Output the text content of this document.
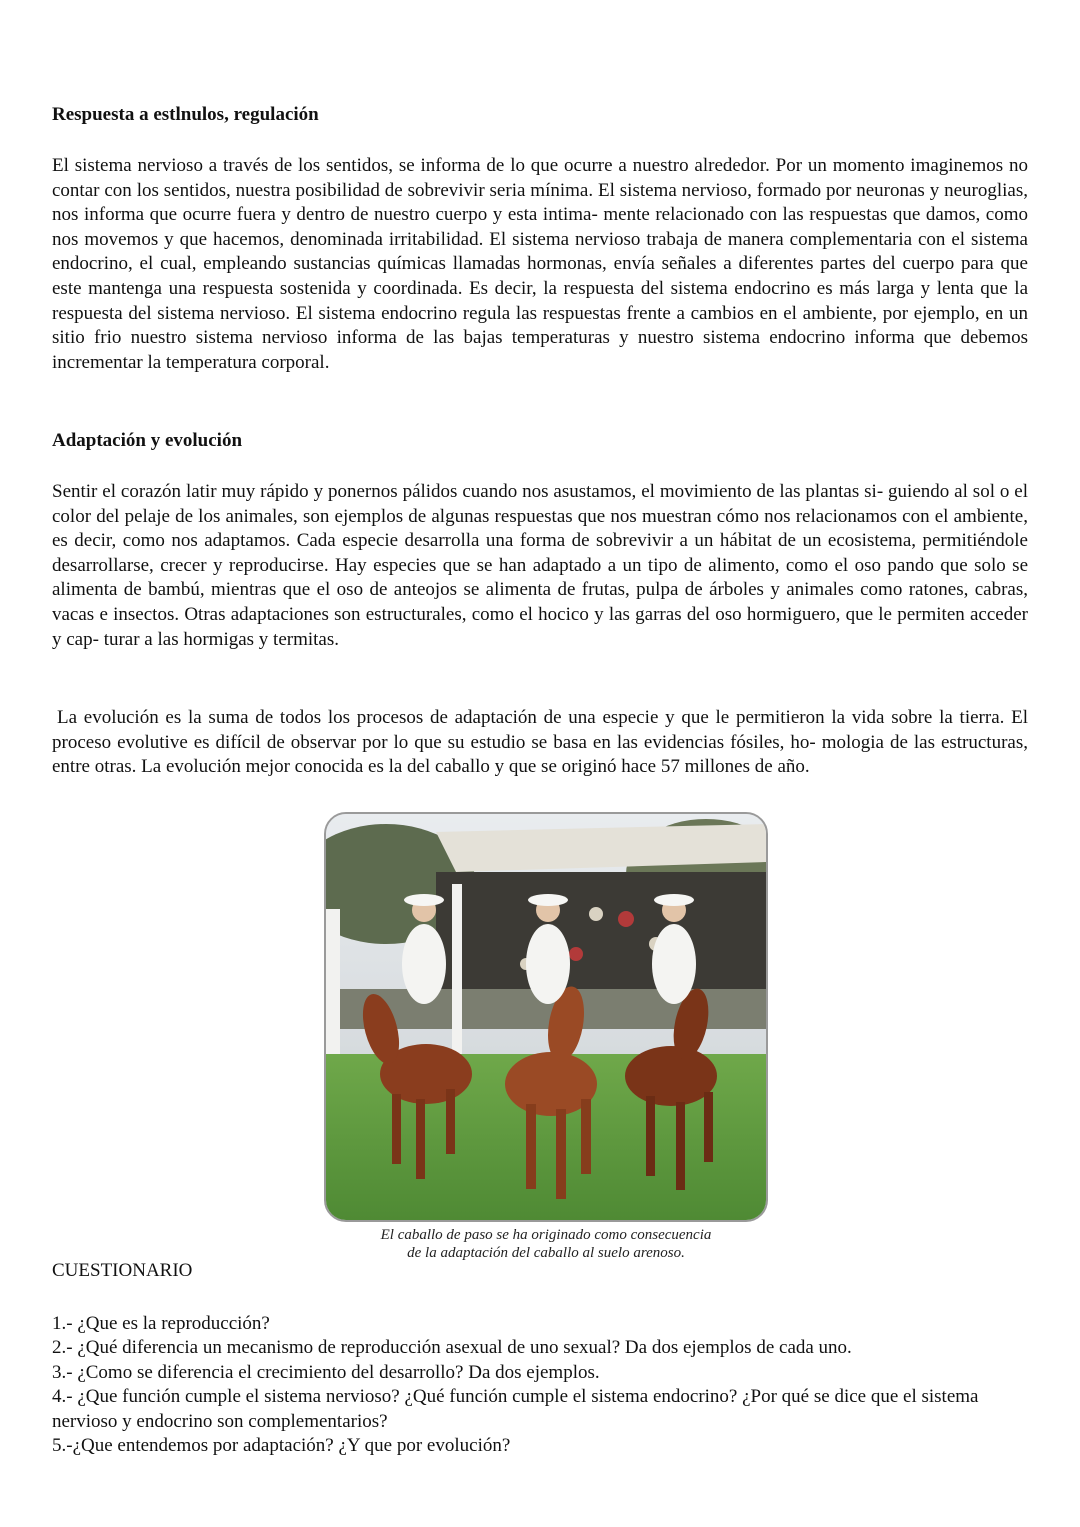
Respuesta a estlnulos, regulación

El sistema nervioso a través de los sentidos, se informa de lo que ocurre a nuestro alrededor. Por un momento imaginemos no contar con los sentidos, nuestra posibilidad de sobrevivir seria mínima. El sistema nervioso, formado por neuronas y neuroglias, nos informa que ocurre fuera y dentro de nuestro cuerpo y esta intima- mente relacionado con las respuestas que damos, como nos movemos y que hacemos, denominada irritabilidad. El sistema nervioso trabaja de manera complementaria con el sistema endocrino, el cual, empleando sustancias químicas llamadas hormonas, envía señales a diferentes partes del cuerpo para que este mantenga una respuesta sostenida y coordinada. Es decir, la respuesta del sistema endocrino es más larga y lenta que la respuesta del sistema nervioso. El sistema endocrino regula las respuestas frente a cambios en el ambiente, por ejemplo, en un sitio frio nuestro sistema nervioso informa de las bajas temperaturas y nuestro sistema endocrino informa que debemos incrementar la temperatura corporal.

Adaptación y evolución

Sentir el corazón latir muy rápido y ponernos pálidos cuando nos asustamos, el movimiento de las plantas si- guiendo al sol o el color del pelaje de los animales, son ejemplos de algunas respuestas que nos muestran cómo nos relacionamos con el ambiente, es decir, como nos adaptamos. Cada especie desarrolla una forma de sobrevivir a un hábitat de un ecosistema, permitiéndole desarrollarse, crecer y reproducirse. Hay especies que se han adaptado a un tipo de alimento, como el oso pando que solo se alimenta de bambú, mientras que el oso de anteojos se alimenta de frutas, pulpa de árboles y animales como ratones, cabras, vacas e insectos. Otras adaptaciones son estructurales, como el hocico y las garras del oso hormiguero, que le permiten acceder y cap- turar a las hormigas y termitas.

La evolución es la suma de todos los procesos de adaptación de una especie y que le permitieron la vida sobre la tierra. El proceso evolutive es difícil de observar por lo que su estudio se basa en las evidencias fósiles, ho- mologia de las estructuras, entre otras. La evolución mejor conocida es la del caballo y que se originó hace 57 millones de año.

El caballo de paso se ha originado como consecuencia
de la adaptación del caballo al suelo arenoso.
CUESTIONARIO
1.- ¿Que es la reproducción?
2.- ¿Qué diferencia un mecanismo de reproducción asexual de uno sexual? Da dos ejemplos de cada uno.
3.- ¿Como se diferencia el crecimiento del desarrollo? Da dos ejemplos.
4.- ¿Que función cumple el sistema nervioso? ¿Qué función cumple el sistema endocrino? ¿Por qué se dice que el sistema nervioso y endocrino son complementarios?
5.-¿Que entendemos por adaptación? ¿Y que por evolución?
